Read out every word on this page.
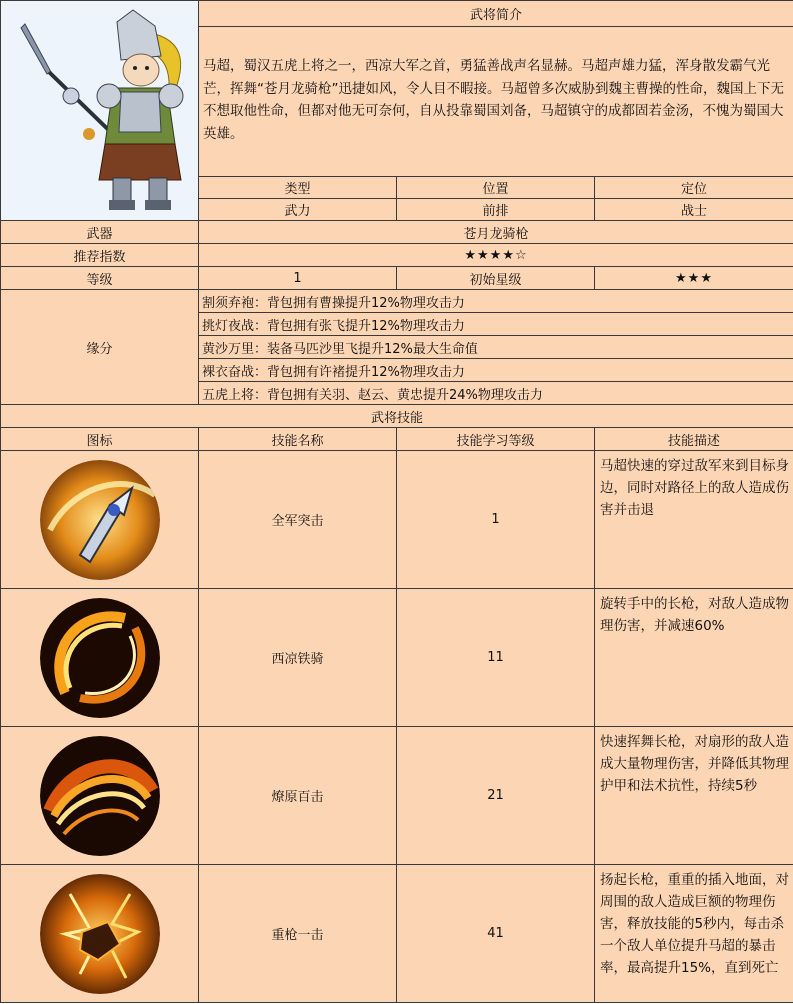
	武将简介		
	马超，蜀汉五虎上将之一，西凉大军之首，勇猛善战声名显赫。马超声雄力猛，浑身散发霸气光芒，挥舞“苍月龙骑枪”迅捷如风，令人目不暇接。马超曾多次威胁到魏主曹操的性命，魏国上下无不想取他性命，但都对他无可奈何，自从投靠蜀国刘备，马超镇守的成都固若金汤，不愧为蜀国大英雄。		
	类型	位置	定位
	武力	前排	战士
武器	苍月龙骑枪		
推荐指数	★★★★☆		
等级	1	初始星级	★★★
缘分	割须弃袍：背包拥有曹操提升12%物理攻击力		
	挑灯夜战：背包拥有张飞提升12%物理攻击力		
	黄沙万里：装备马匹沙里飞提升12%最大生命值		
	裸衣奋战：背包拥有许褚提升12%物理攻击力		
	五虎上将：背包拥有关羽、赵云、黄忠提升24%物理攻击力		
武将技能			
图标	技能名称	技能学习等级	技能描述

	全军突击	1	马超快速的穿过敌军来到目标身边，同时对路径上的敌人造成伤害并击退

	西凉铁骑	11	旋转手中的长枪，对敌人造成物理伤害，并减速60%

	燎原百击	21	快速挥舞长枪，对扇形的敌人造成大量物理伤害，并降低其物理护甲和法术抗性，持续5秒

	重枪一击	41	扬起长枪，重重的插入地面，对周围的敌人造成巨额的物理伤害，释放技能的5秒内，每击杀一个敌人单位提升马超的暴击率，最高提升15%，直到死亡
